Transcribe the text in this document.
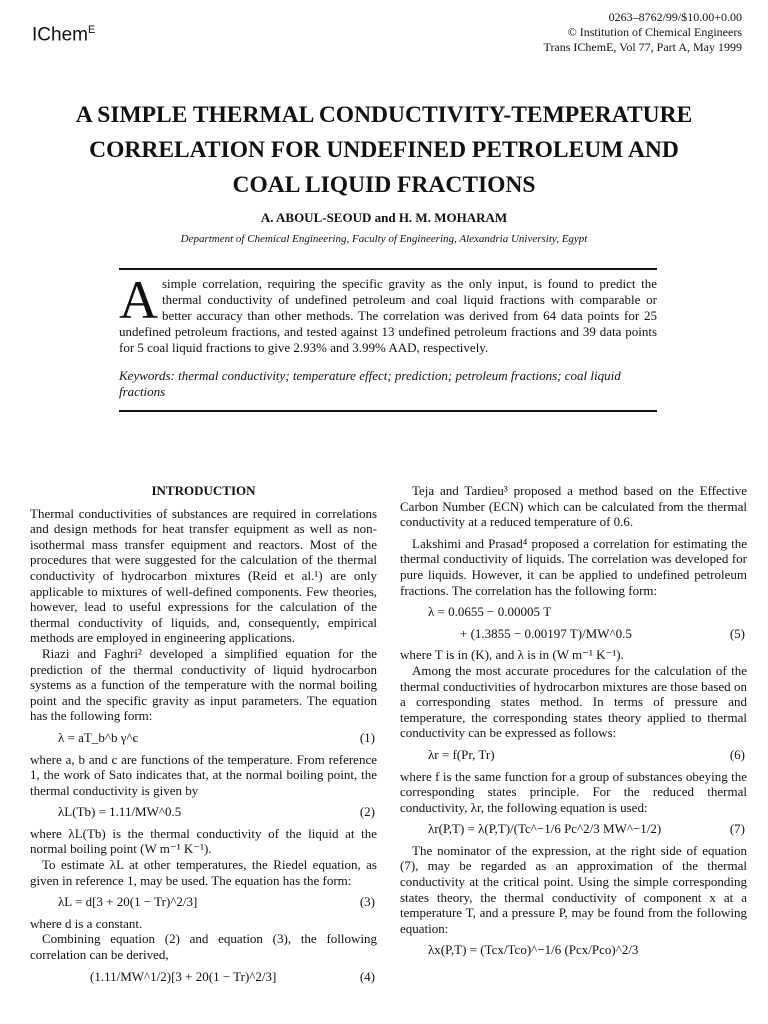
IChem$^E$
0263–8762/99/$10.00+0.00
© Institution of Chemical Engineers
Trans IChemE, Vol 77, Part A, May 1999
A SIMPLE THERMAL CONDUCTIVITY-TEMPERATURE
CORRELATION FOR UNDEFINED PETROLEUM AND
COAL LIQUID FRACTIONS
A. ABOUL-SEOUD and H. M. MOHARAM
Department of Chemical Engineering, Faculty of Engineering, Alexandria University, Egypt

Asimple correlation, requiring the specific gravity as the only input, is found to predict the thermal conductivity of undefined petroleum and coal liquid fractions with comparable or better accuracy than other methods. The correlation was derived from 64 data points for 25 undefined petroleum fractions, and tested against 13 undefined petroleum fractions and 39 data points for 5 coal liquid fractions to give 2.93% and 3.99% AAD, respectively.

Keywords: thermal conductivity; temperature effect; prediction; petroleum fractions; coal liquid fractions

INTRODUCTION

Thermal conductivities of substances are required in correlations and design methods for heat transfer equipment as well as non-isothermal mass transfer equipment and reactors. Most of the procedures that were suggested for the calculation of the thermal conductivity of hydrocarbon mixtures (Reid et al.¹) are only applicable to mixtures of well-defined components. Few theories, however, lead to useful expressions for the calculation of the thermal conductivity of liquids, and, consequently, empirical methods are employed in engineering applications.

Riazi and Faghri² developed a simplified equation for the prediction of the thermal conductivity of liquid hydrocarbon systems as a function of the temperature with the normal boiling point and the specific gravity as input parameters. The equation has the following form:

λ = aT_b^b γ^c	(1)

where a, b and c are functions of the temperature. From reference 1, the work of Sato indicates that, at the normal boiling point, the thermal conductivity is given by

λL(Tb) = 1.11/MW^0.5	(2)

where λL(Tb) is the thermal conductivity of the liquid at the normal boiling point (W m⁻¹ K⁻¹).

To estimate λL at other temperatures, the Riedel equation, as given in reference 1, may be used. The equation has the form:

λL = d[3 + 20(1 − Tr)^2/3]	(3)

where d is a constant.

Combining equation (2) and equation (3), the following correlation can be derived,

(1.11/MW^1/2)[3 + 20(1 − Tr)^2/3]	(4)

Teja and Tardieu³ proposed a method based on the Effective Carbon Number (ECN) which can be calculated from the thermal conductivity at a reduced temperature of 0.6.

Lakshimi and Prasad⁴ proposed a correlation for estimating the thermal conductivity of liquids. The correlation was developed for pure liquids. However, it can be applied to undefined petroleum fractions. The correlation has the following form:

λ = 0.0655 − 0.00005 T

+ (1.3855 − 0.00197 T)/MW^0.5	(5)

where T is in (K), and λ is in (W m⁻¹ K⁻¹).

Among the most accurate procedures for the calculation of the thermal conductivities of hydrocarbon mixtures are those based on a corresponding states method. In terms of pressure and temperature, the corresponding states theory applied to thermal conductivity can be expressed as follows:

λr = f(Pr, Tr)	(6)

where f is the same function for a group of substances obeying the corresponding states principle. For the reduced thermal conductivity, λr, the following equation is used:

λr(P,T) = λ(P,T)/(Tc^−1/6 Pc^2/3 MW^−1/2)	(7)

The nominator of the expression, at the right side of equation (7), may be regarded as an approximation of the thermal conductivity at the critical point. Using the simple corresponding states theory, the thermal conductivity of component x at a temperature T, and a pressure P, may be found from the following equation:

λx(P,T) = (Tcx/Tco)^−1/6 (Pcx/Pco)^2/3
